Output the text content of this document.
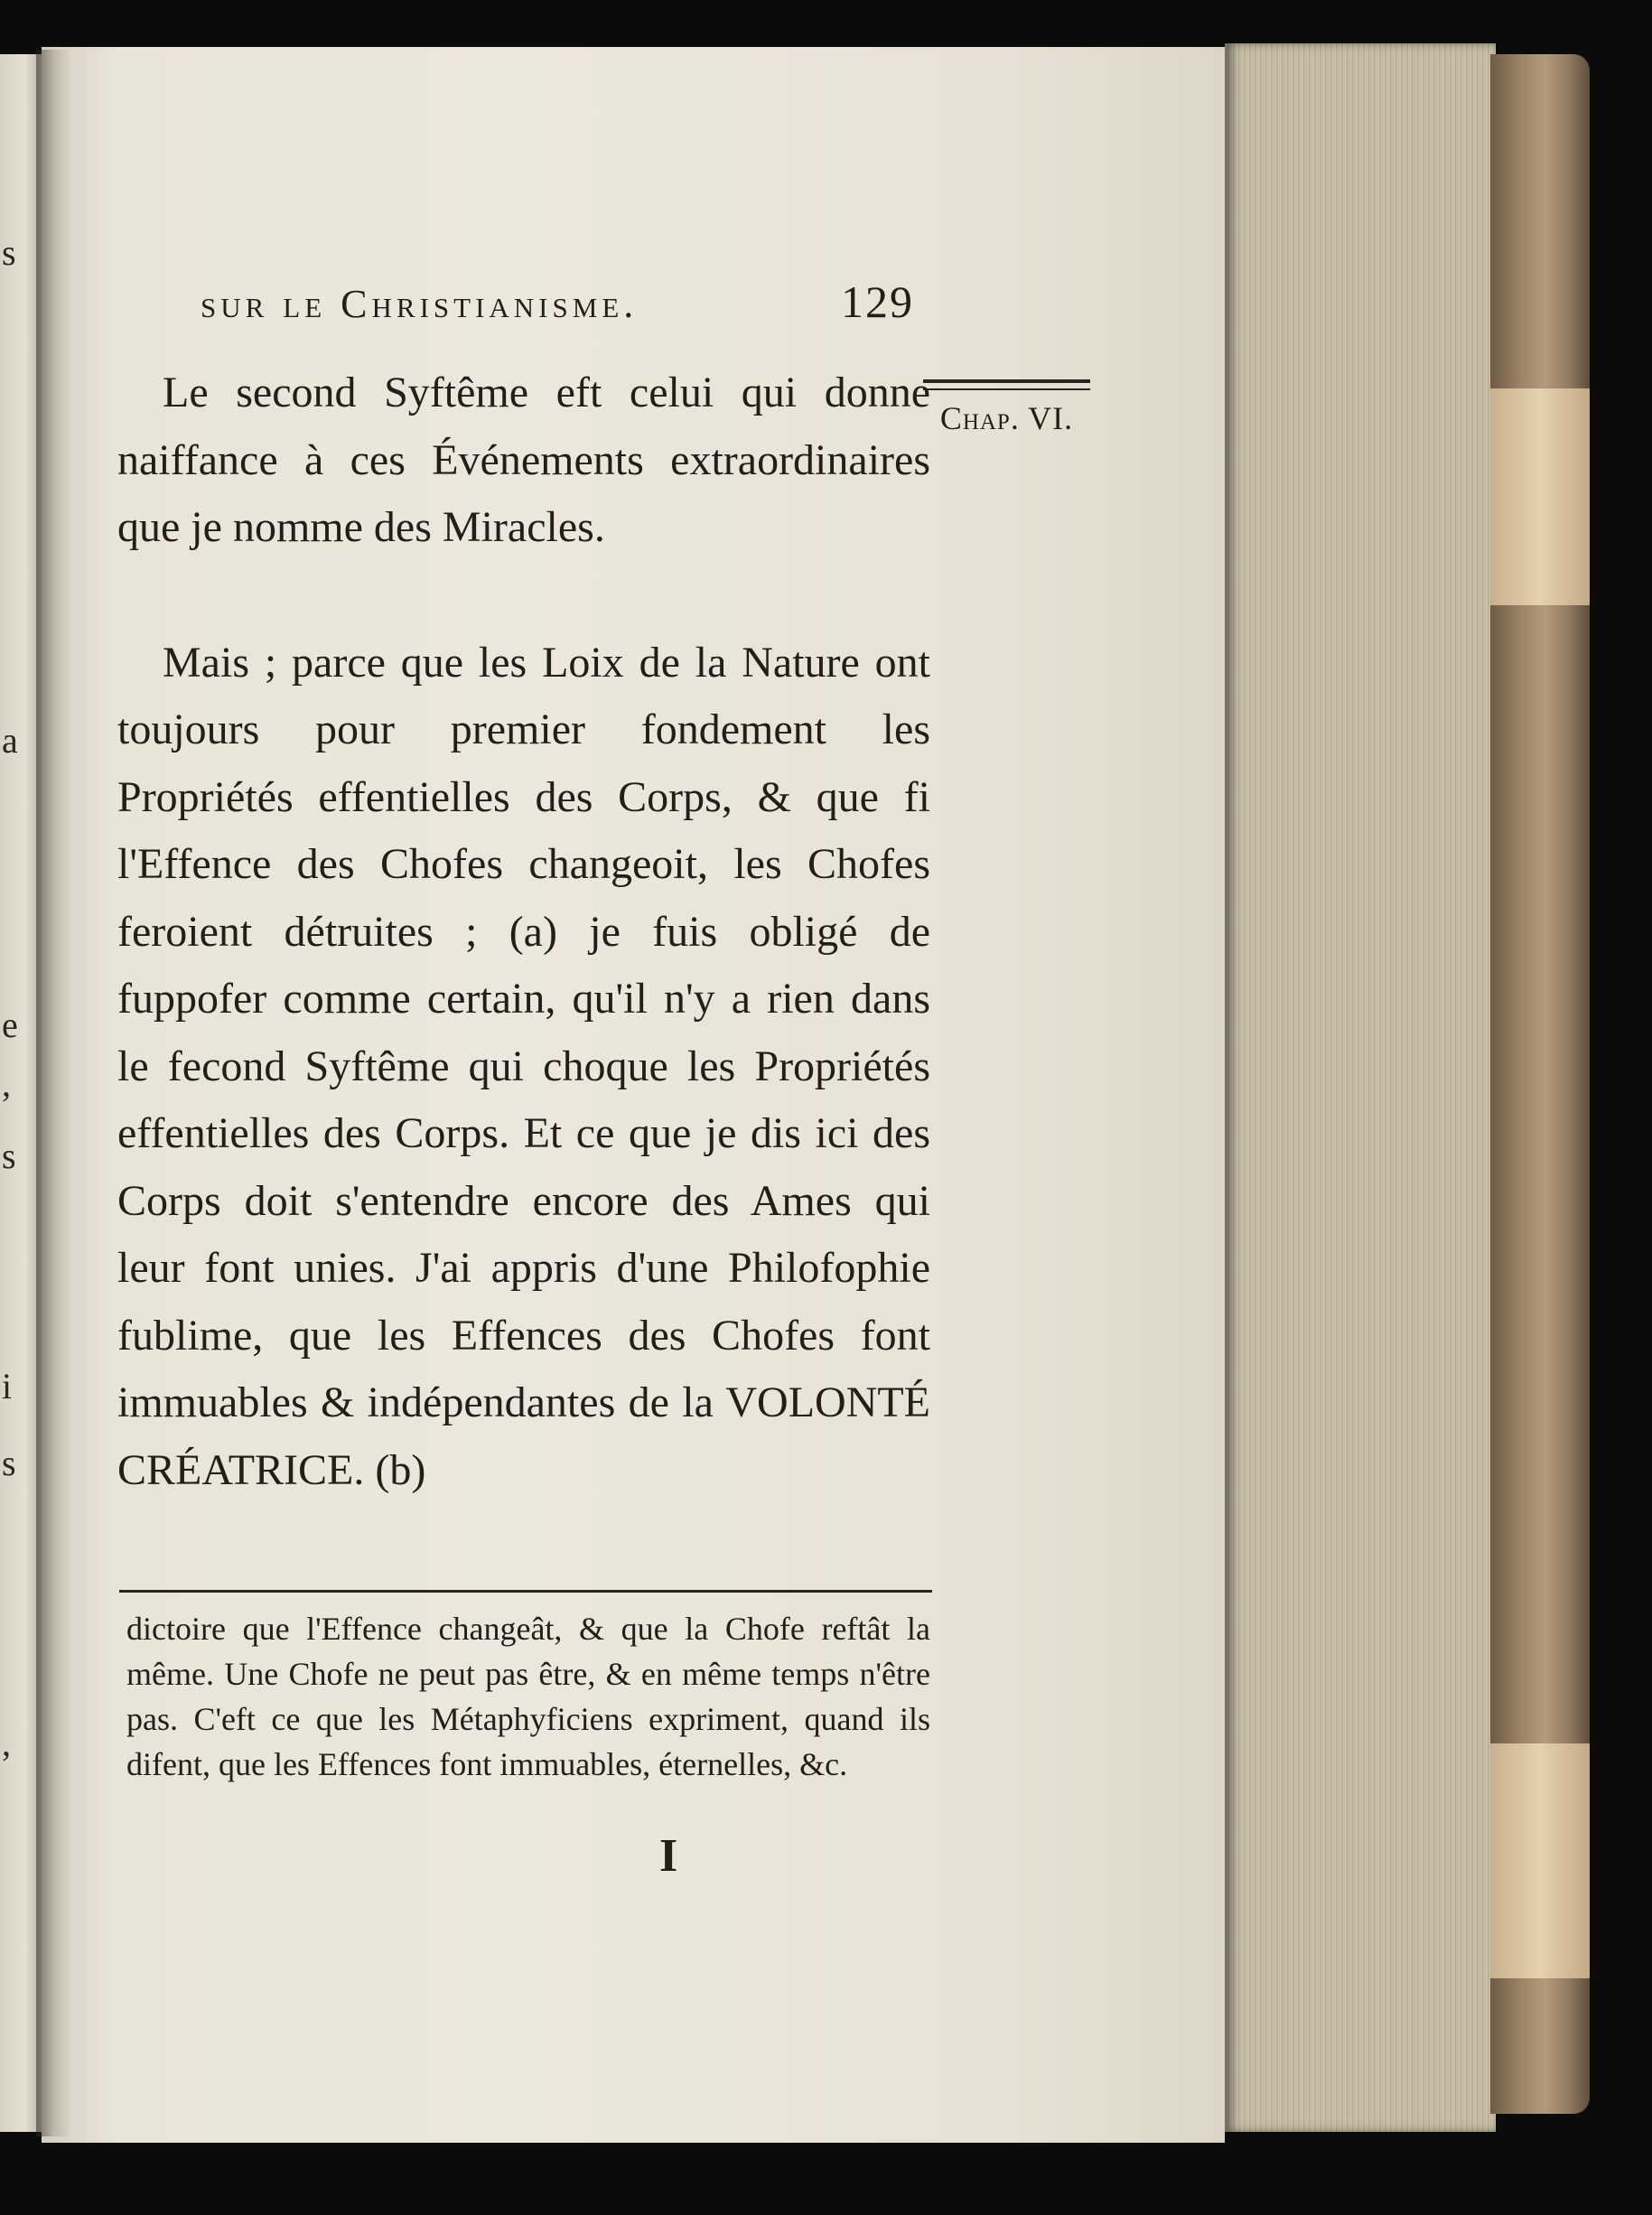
s
a
e
,
s
i
s
,
sur le Christianisme.	129
Chap. VI.

Le second Syftême eft celui qui donne naiffance à ces Événements extraordinaires que je nomme des Miracles.

Mais ; parce que les Loix de la Nature ont toujours pour premier fondement les Propriétés effentielles des Corps, & que fi l'Effence des Chofes changeoit, les Chofes feroient détruites ; (a) je fuis obligé de fuppofer comme certain, qu'il n'y a rien dans le fecond Syftême qui choque les Propriétés effentielles des Corps. Et ce que je dis ici des Corps doit s'entendre encore des Ames qui leur font unies. J'ai appris d'une Philofophie fublime, que les Effences des Chofes font immuables & indépendantes de la VOLONTÉ CRÉATRICE. (b)

dictoire que l'Effence changeât, & que la Chofe reftât la même. Une Chofe ne peut pas être, & en même temps n'être pas. C'eft ce que les Métaphyficiens expriment, quand ils difent, que les Effences font immuables, éternelles, &c.

I
